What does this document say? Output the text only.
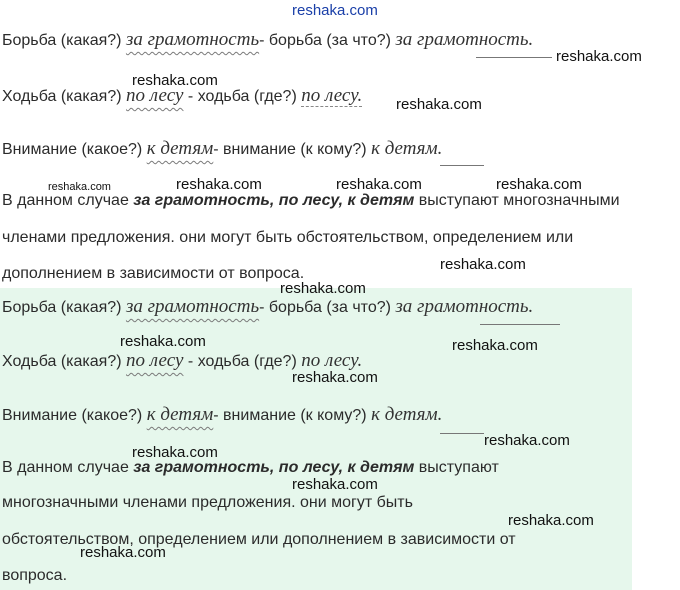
reshaka.com
Борьба (какая?) за грамотность- борьба (за что?) за грамотность.
reshaka.com
reshaka.com
Ходьба (какая?) по лесу - ходьба (где?) по лесу. reshaka.com
Внимание (какое?) к детям- внимание (к кому?) к детям.
reshaka.com	reshaka.com	reshaka.com	reshaka.com
В данном случае за грамотность, по лесу, к детям выступают многозначными
членами предложения. они могут быть обстоятельством, определением или
reshaka.com
дополнением в зависимости от вопроса.
reshaka.com
Борьба (какая?) за грамотность- борьба (за что?) за грамотность.
reshaka.com	reshaka.com
Ходьба (какая?) по лесу - ходьба (где?) по лесу.
reshaka.com
Внимание (какое?) к детям- внимание (к кому?) к детям.
reshaka.com
reshaka.com
В данном случае за грамотность, по лесу, к детям выступают
reshaka.com
многозначными членами предложения. они могут быть
reshaka.com
обстоятельством, определением или дополнением в зависимости от
reshaka.com
вопроса.
